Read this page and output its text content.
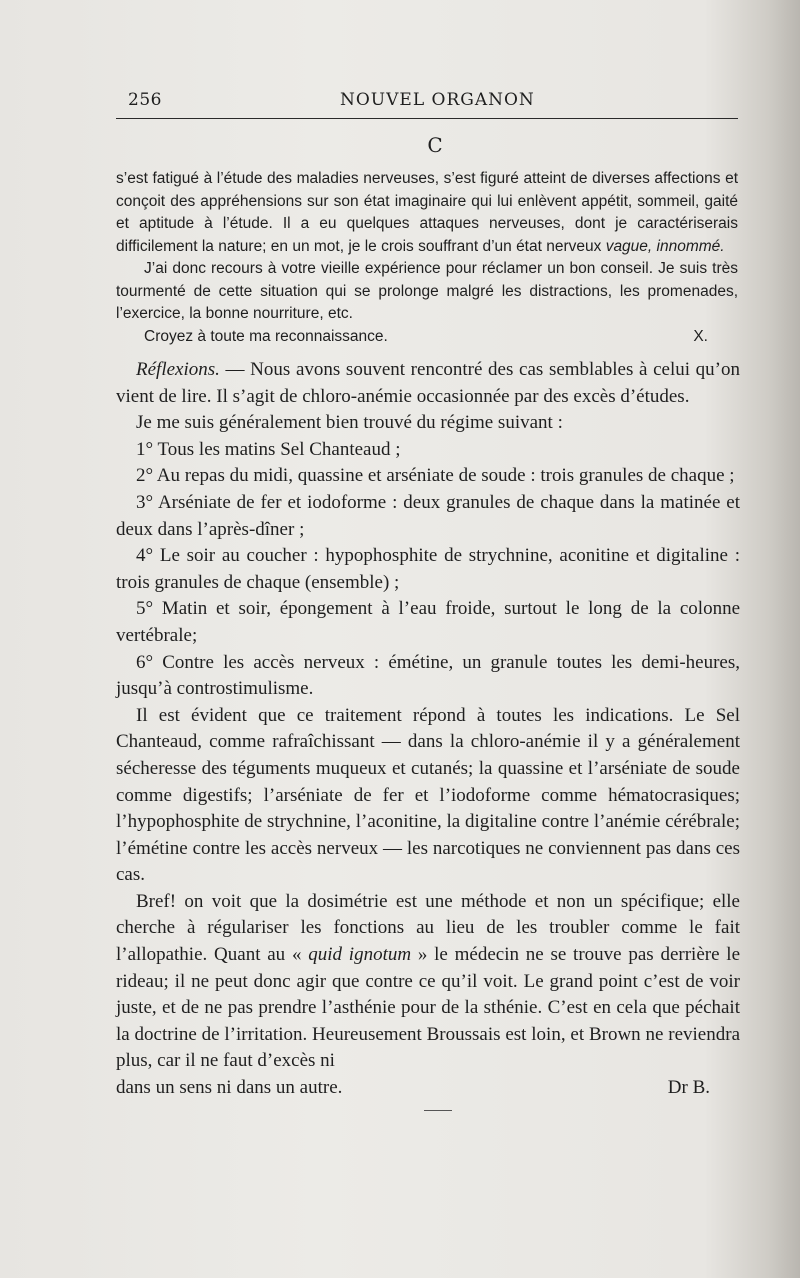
256	NOUVEL ORGANON
C

s’est fatigué à l’étude des maladies nerveuses, s’est figuré atteint de diverses affections et conçoit des appréhensions sur son état imaginaire qui lui enlèvent appétit, sommeil, gaité et aptitude à l’étude. Il a eu quelques attaques nerveuses, dont je caractériserais difficilement la nature; en un mot, je le crois souffrant d’un état nerveux vague, innommé.

J’ai donc recours à votre vieille expérience pour réclamer un bon conseil. Je suis très tourmenté de cette situation qui se prolonge malgré les distractions, les promenades, l’exercice, la bonne nourriture, etc.

Croyez à toute ma reconnaissance.	X.

Réflexions. — Nous avons souvent rencontré des cas semblables à celui qu’on vient de lire. Il s’agit de chloro-anémie occasionnée par des excès d’études.

Je me suis généralement bien trouvé du régime suivant :

1° Tous les matins Sel Chanteaud ;

2° Au repas du midi, quassine et arséniate de soude : trois granules de chaque ;

3° Arséniate de fer et iodoforme : deux granules de chaque dans la matinée et deux dans l’après-dîner ;

4° Le soir au coucher : hypophosphite de strychnine, aconitine et digitaline : trois granules de chaque (ensemble) ;

5° Matin et soir, épongement à l’eau froide, surtout le long de la colonne vertébrale;

6° Contre les accès nerveux : émétine, un granule toutes les demi-heures, jusqu’à controstimulisme.

Il est évident que ce traitement répond à toutes les indications. Le Sel Chanteaud, comme rafraîchissant — dans la chloro-anémie il y a généralement sécheresse des téguments muqueux et cutanés; la quassine et l’arséniate de soude comme digestifs; l’arséniate de fer et l’iodoforme comme hématocrasiques; l’hypophosphite de strychnine, l’aconitine, la digitaline contre l’anémie cérébrale; l’émétine contre les accès nerveux — les narcotiques ne conviennent pas dans ces cas.

Bref! on voit que la dosimétrie est une méthode et non un spécifique; elle cherche à régulariser les fonctions au lieu de les troubler comme le fait l’allopathie. Quant au « quid ignotum » le médecin ne se trouve pas derrière le rideau; il ne peut donc agir que contre ce qu’il voit. Le grand point c’est de voir juste, et de ne pas prendre l’asthénie pour de la sthénie. C’est en cela que péchait la doctrine de l’irritation. Heureusement Broussais est loin, et Brown ne reviendra plus, car il ne faut d’excès ni

dans un sens ni dans un autre.	Dr B.
